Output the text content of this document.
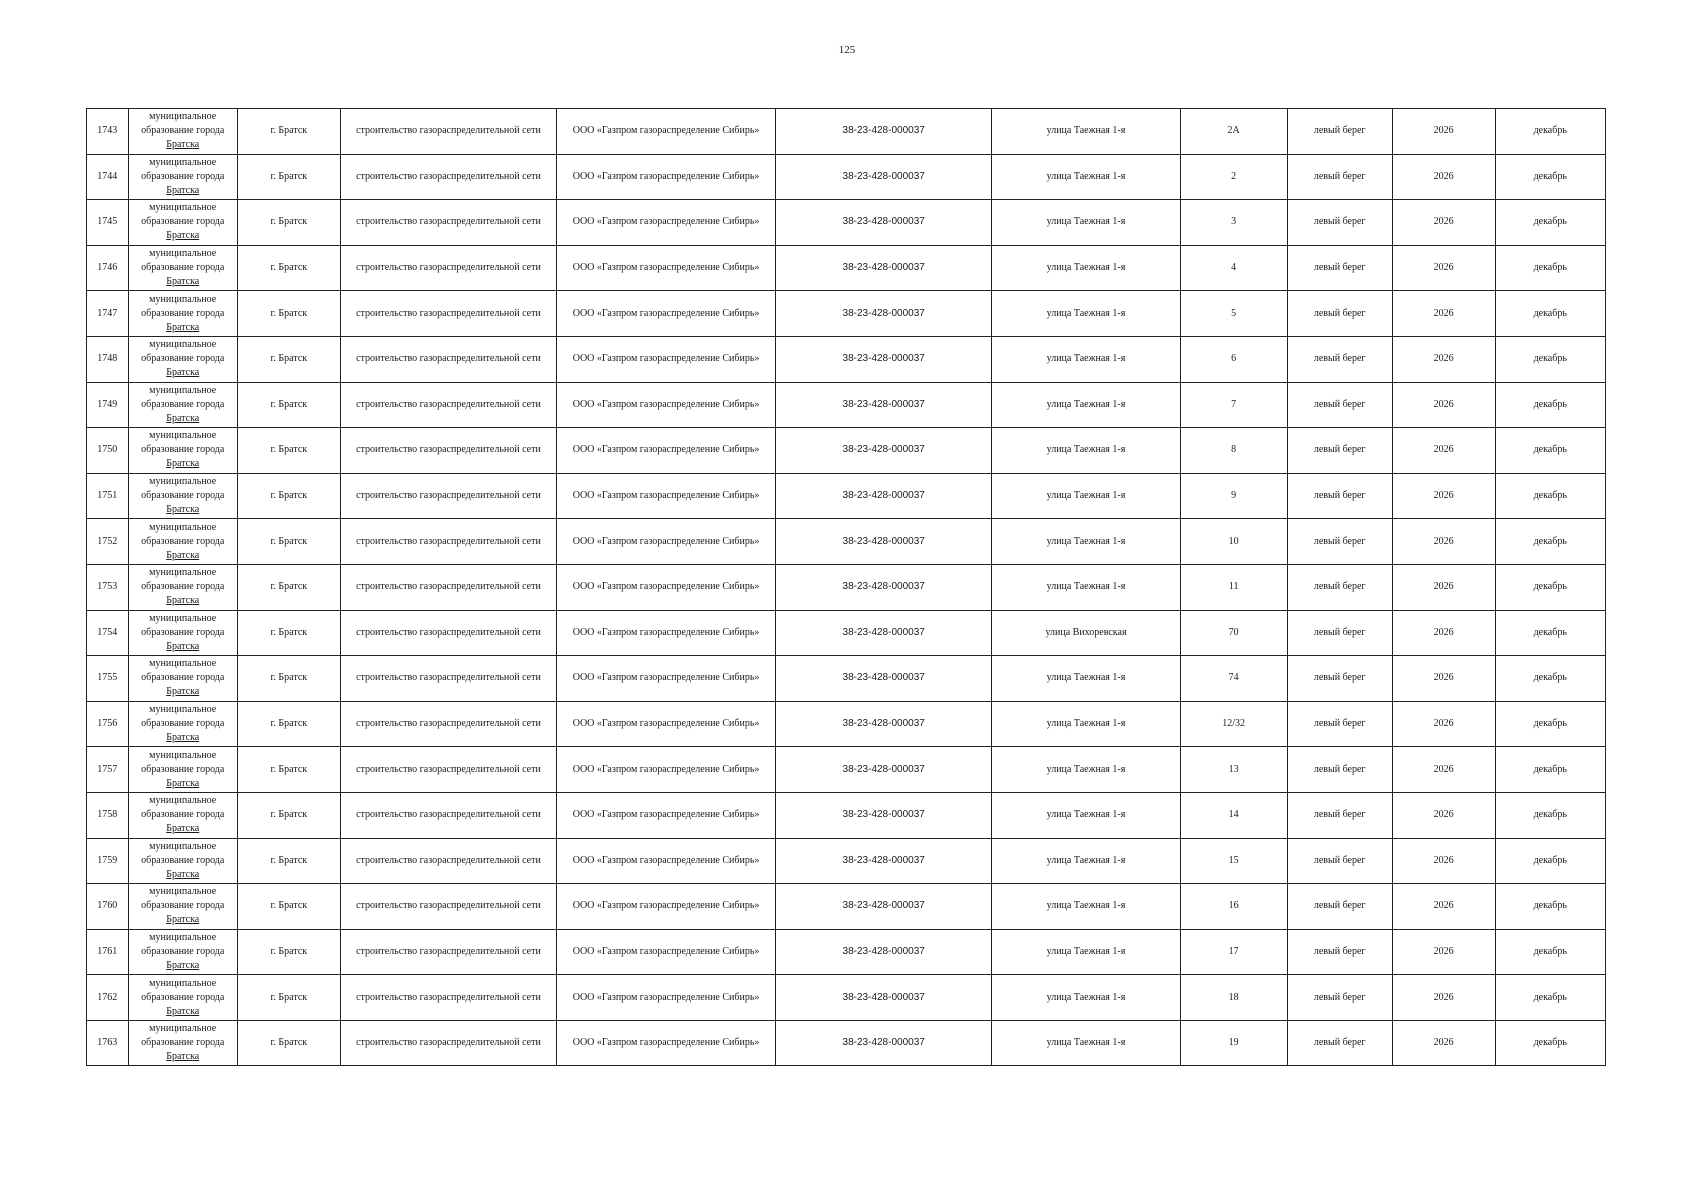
125
1743	муниципальное
образование города
Братска	г. Братск	строительство газораспределительной сети	ООО «Газпром газораспределение Сибирь»	38-23-428-000037	улица Таежная 1-я	2А	левый берег	2026	декабрь
1744	муниципальное
образование города
Братска	г. Братск	строительство газораспределительной сети	ООО «Газпром газораспределение Сибирь»	38-23-428-000037	улица Таежная 1-я	2	левый берег	2026	декабрь
1745	муниципальное
образование города
Братска	г. Братск	строительство газораспределительной сети	ООО «Газпром газораспределение Сибирь»	38-23-428-000037	улица Таежная 1-я	3	левый берег	2026	декабрь
1746	муниципальное
образование города
Братска	г. Братск	строительство газораспределительной сети	ООО «Газпром газораспределение Сибирь»	38-23-428-000037	улица Таежная 1-я	4	левый берег	2026	декабрь
1747	муниципальное
образование города
Братска	г. Братск	строительство газораспределительной сети	ООО «Газпром газораспределение Сибирь»	38-23-428-000037	улица Таежная 1-я	5	левый берег	2026	декабрь
1748	муниципальное
образование города
Братска	г. Братск	строительство газораспределительной сети	ООО «Газпром газораспределение Сибирь»	38-23-428-000037	улица Таежная 1-я	6	левый берег	2026	декабрь
1749	муниципальное
образование города
Братска	г. Братск	строительство газораспределительной сети	ООО «Газпром газораспределение Сибирь»	38-23-428-000037	улица Таежная 1-я	7	левый берег	2026	декабрь
1750	муниципальное
образование города
Братска	г. Братск	строительство газораспределительной сети	ООО «Газпром газораспределение Сибирь»	38-23-428-000037	улица Таежная 1-я	8	левый берег	2026	декабрь
1751	муниципальное
образование города
Братска	г. Братск	строительство газораспределительной сети	ООО «Газпром газораспределение Сибирь»	38-23-428-000037	улица Таежная 1-я	9	левый берег	2026	декабрь
1752	муниципальное
образование города
Братска	г. Братск	строительство газораспределительной сети	ООО «Газпром газораспределение Сибирь»	38-23-428-000037	улица Таежная 1-я	10	левый берег	2026	декабрь
1753	муниципальное
образование города
Братска	г. Братск	строительство газораспределительной сети	ООО «Газпром газораспределение Сибирь»	38-23-428-000037	улица Таежная 1-я	11	левый берег	2026	декабрь
1754	муниципальное
образование города
Братска	г. Братск	строительство газораспределительной сети	ООО «Газпром газораспределение Сибирь»	38-23-428-000037	улица Вихоревская	70	левый берег	2026	декабрь
1755	муниципальное
образование города
Братска	г. Братск	строительство газораспределительной сети	ООО «Газпром газораспределение Сибирь»	38-23-428-000037	улица Таежная 1-я	74	левый берег	2026	декабрь
1756	муниципальное
образование города
Братска	г. Братск	строительство газораспределительной сети	ООО «Газпром газораспределение Сибирь»	38-23-428-000037	улица Таежная 1-я	12/32	левый берег	2026	декабрь
1757	муниципальное
образование города
Братска	г. Братск	строительство газораспределительной сети	ООО «Газпром газораспределение Сибирь»	38-23-428-000037	улица Таежная 1-я	13	левый берег	2026	декабрь
1758	муниципальное
образование города
Братска	г. Братск	строительство газораспределительной сети	ООО «Газпром газораспределение Сибирь»	38-23-428-000037	улица Таежная 1-я	14	левый берег	2026	декабрь
1759	муниципальное
образование города
Братска	г. Братск	строительство газораспределительной сети	ООО «Газпром газораспределение Сибирь»	38-23-428-000037	улица Таежная 1-я	15	левый берег	2026	декабрь
1760	муниципальное
образование города
Братска	г. Братск	строительство газораспределительной сети	ООО «Газпром газораспределение Сибирь»	38-23-428-000037	улица Таежная 1-я	16	левый берег	2026	декабрь
1761	муниципальное
образование города
Братска	г. Братск	строительство газораспределительной сети	ООО «Газпром газораспределение Сибирь»	38-23-428-000037	улица Таежная 1-я	17	левый берег	2026	декабрь
1762	муниципальное
образование города
Братска	г. Братск	строительство газораспределительной сети	ООО «Газпром газораспределение Сибирь»	38-23-428-000037	улица Таежная 1-я	18	левый берег	2026	декабрь
1763	муниципальное
образование города
Братска	г. Братск	строительство газораспределительной сети	ООО «Газпром газораспределение Сибирь»	38-23-428-000037	улица Таежная 1-я	19	левый берег	2026	декабрь
